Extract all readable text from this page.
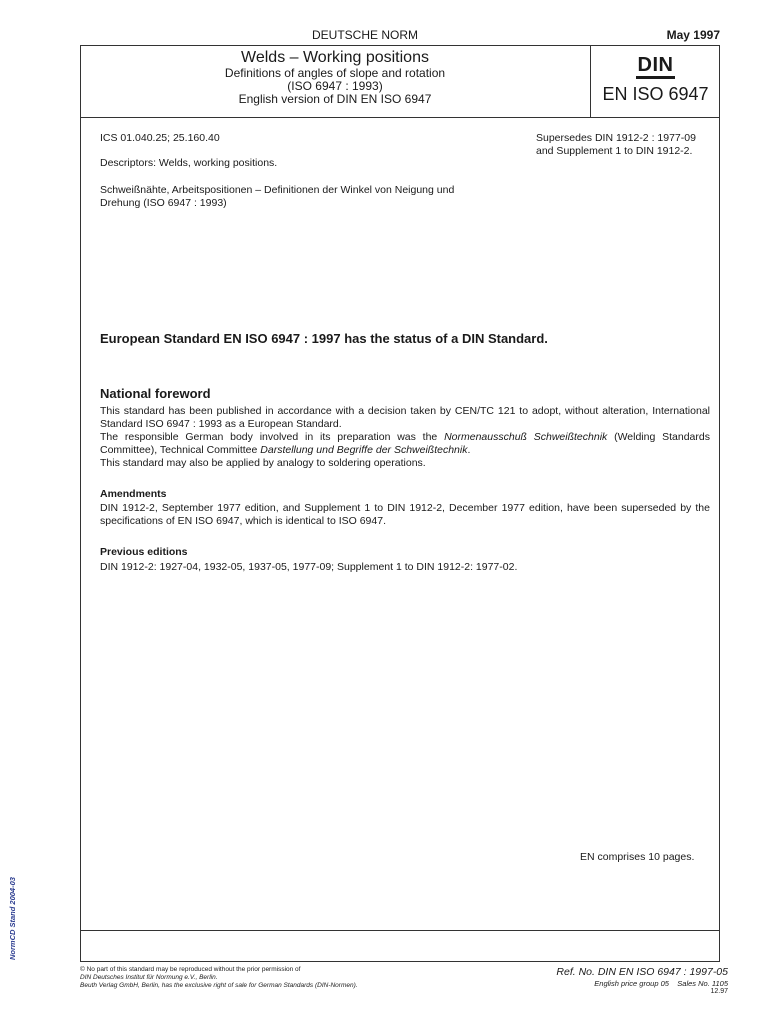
DEUTSCHE NORM	May 1997
Welds – Working positions
Definitions of angles of slope and rotation
(ISO 6947 : 1993)
English version of DIN EN ISO 6947
DIN
EN ISO 6947
ICS 01.040.25; 25.160.40	Supersedes DIN 1912-2 : 1977-09
and Supplement 1 to DIN 1912-2.
Descriptors: Welds, working positions.
Schweißnähte, Arbeitspositionen – Definitionen der Winkel von Neigung und
Drehung (ISO 6947 : 1993)
European Standard EN ISO 6947 : 1997 has the status of a DIN Standard.
National foreword
This standard has been published in accordance with a decision taken by CEN/TC 121 to adopt, without alteration, International Standard ISO 6947 : 1993 as a European Standard.
The responsible German body involved in its preparation was the Normenausschuß Schweißtechnik (Welding Standards Committee), Technical Committee Darstellung und Begriffe der Schweißtechnik.
This standard may also be applied by analogy to soldering operations.
Amendments
DIN 1912-2, September 1977 edition, and Supplement 1 to DIN 1912-2, December 1977 edition, have been superseded by the specifications of EN ISO 6947, which is identical to ISO 6947.
Previous editions
DIN 1912-2: 1927-04, 1932-05, 1937-05, 1977-09; Supplement 1 to DIN 1912-2: 1977-02.
EN comprises 10 pages.
NormCD Stand 2004-03
© No part of this standard may be reproduced without the prior permission of
DIN Deutsches Institut für Normung e.V., Berlin.
Beuth Verlag GmbH, Berlin, has the exclusive right of sale for German Standards (DIN-Normen).
Ref. No. DIN EN ISO 6947 : 1997-05
English price group 05 Sales No. 1105
12.97
